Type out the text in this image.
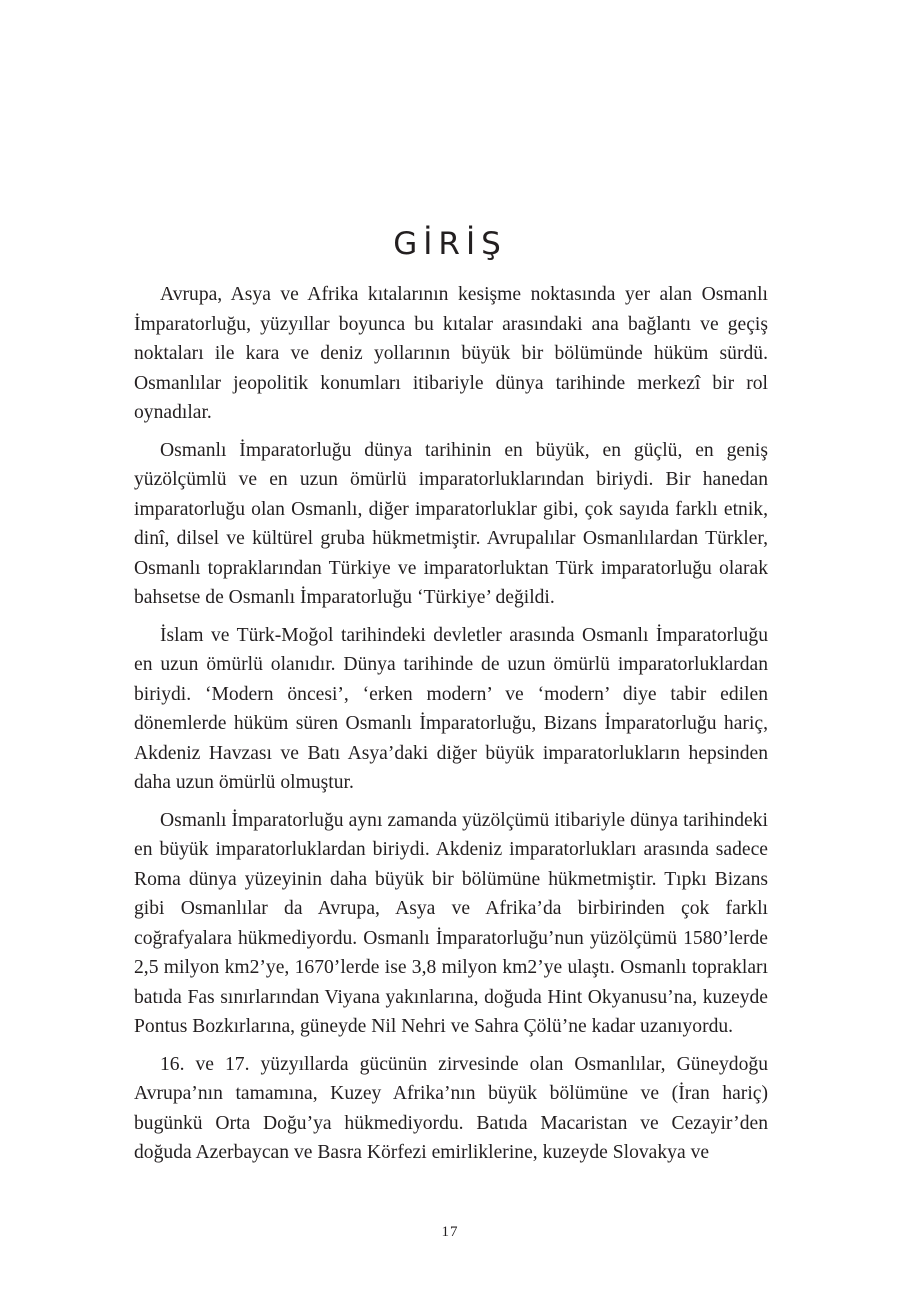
GİRİŞ

Avrupa, Asya ve Afrika kıtalarının kesişme noktasında yer alan Osmanlı İmparatorluğu, yüzyıllar boyunca bu kıtalar arasındaki ana bağlantı ve geçiş noktaları ile kara ve deniz yollarının büyük bir bölümünde hüküm sürdü. Osmanlılar jeopolitik konumları itibariyle dünya tarihinde merkezî bir rol oynadılar.

Osmanlı İmparatorluğu dünya tarihinin en büyük, en güçlü, en geniş yüzölçümlü ve en uzun ömürlü imparatorluklarından biriydi. Bir hanedan imparatorluğu olan Osmanlı, diğer imparatorluklar gibi, çok sayıda farklı etnik, dinî, dilsel ve kültürel gruba hükmetmiştir. Avrupalılar Osmanlılardan Türkler, Osmanlı topraklarından Türkiye ve imparatorluktan Türk imparatorluğu olarak bahsetse de Osmanlı İmparatorluğu ‘Türkiye’ değildi.

İslam ve Türk-Moğol tarihindeki devletler arasında Osmanlı İmparatorluğu en uzun ömürlü olanıdır. Dünya tarihinde de uzun ömürlü imparatorluklardan biriydi. ‘Modern öncesi’, ‘erken modern’ ve ‘modern’ diye tabir edilen dönemlerde hüküm süren Osmanlı İmparatorluğu, Bizans İmparatorluğu hariç, Akdeniz Havzası ve Batı Asya’daki diğer büyük imparatorlukların hepsinden daha uzun ömürlü olmuştur.

Osmanlı İmparatorluğu aynı zamanda yüzölçümü itibariyle dünya tarihindeki en büyük imparatorluklardan biriydi. Akdeniz imparatorlukları arasında sadece Roma dünya yüzeyinin daha büyük bir bölümüne hükmetmiştir. Tıpkı Bizans gibi Osmanlılar da Avrupa, Asya ve Afrika’da birbirinden çok farklı coğrafyalara hükmediyordu. Osmanlı İmparatorluğu’nun yüzölçümü 1580’lerde 2,5 milyon km2’ye, 1670’lerde ise 3,8 milyon km2’ye ulaştı. Osmanlı toprakları batıda Fas sınırlarından Viyana yakınlarına, doğuda Hint Okyanusu’na, kuzeyde Pontus Bozkırlarına, güneyde Nil Nehri ve Sahra Çölü’ne kadar uzanıyordu.

16. ve 17. yüzyıllarda gücünün zirvesinde olan Osmanlılar, Güneydoğu Avrupa’nın tamamına, Kuzey Afrika’nın büyük bölümüne ve (İran hariç) bugünkü Orta Doğu’ya hükmediyordu. Batıda Macaristan ve Cezayir’den doğuda Azerbaycan ve Basra Körfezi emirliklerine, kuzeyde Slovakya ve

17
